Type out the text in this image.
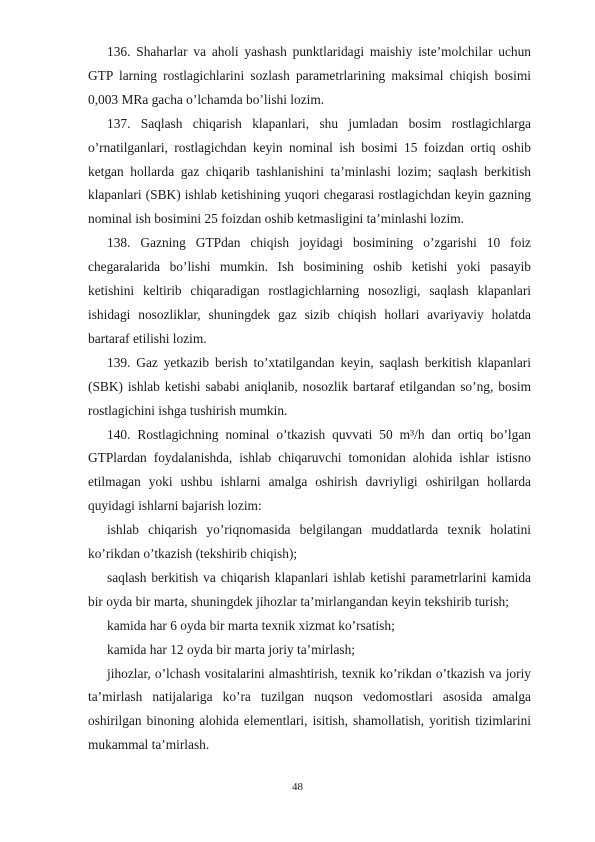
136. Shaharlar va aholi yashash punktlaridagi maishiy iste’molchilar uchun GTP larning rostlagichlarini sozlash parametrlarining maksimal chiqish bosimi 0,003 MRa gacha o’lchamda bo’lishi lozim.

137. Saqlash chiqarish klapanlari, shu jumladan bosim rostlagichlarga o’rnatilganlari, rostlagichdan keyin nominal ish bosimi 15 foizdan ortiq oshib ketgan hollarda gaz chiqarib tashlanishini ta’minlashi lozim; saqlash berkitish klapanlari (SBK) ishlab ketishining yuqori chegarasi rostlagichdan keyin gazning nominal ish bosimini 25 foizdan oshib ketmasligini ta’minlashi lozim.

138. Gazning GTPdan chiqish joyidagi bosimining o’zgarishi 10 foiz chegaralarida bo’lishi mumkin. Ish bosimining oshib ketishi yoki pasayib ketishini keltirib chiqaradigan rostlagichlarning nosozligi, saqlash klapanlari ishidagi nosozliklar, shuningdek gaz sizib chiqish hollari avariyaviy holatda bartaraf etilishi lozim.

139. Gaz yetkazib berish to’xtatilgandan keyin, saqlash berkitish klapanlari (SBK) ishlab ketishi sababi aniqlanib, nosozlik bartaraf etilgandan so’ng, bosim rostlagichini ishga tushirish mumkin.

140. Rostlagichning nominal o’tkazish quvvati 50 m³/h dan ortiq bo’lgan GTPlardan foydalanishda, ishlab chiqaruvchi tomonidan alohida ishlar istisno etilmagan yoki ushbu ishlarni amalga oshirish davriyligi oshirilgan hollarda quyidagi ishlarni bajarish lozim:

ishlab chiqarish yo’riqnomasida belgilangan muddatlarda texnik holatini ko’rikdan o’tkazish (tekshirib chiqish);

saqlash berkitish va chiqarish klapanlari ishlab ketishi parametrlarini kamida bir oyda bir marta, shuningdek jihozlar ta’mirlangandan keyin tekshirib turish;

kamida har 6 oyda bir marta texnik xizmat ko’rsatish;

kamida har 12 oyda bir marta joriy ta’mirlash;

jihozlar, o’lchash vositalarini almashtirish, texnik ko’rikdan o’tkazish va joriy ta’mirlash natijalariga ko’ra tuzilgan nuqson vedomostlari asosida amalga oshirilgan binoning alohida elementlari, isitish, shamollatish, yoritish tizimlarini mukammal ta’mirlash.

48
